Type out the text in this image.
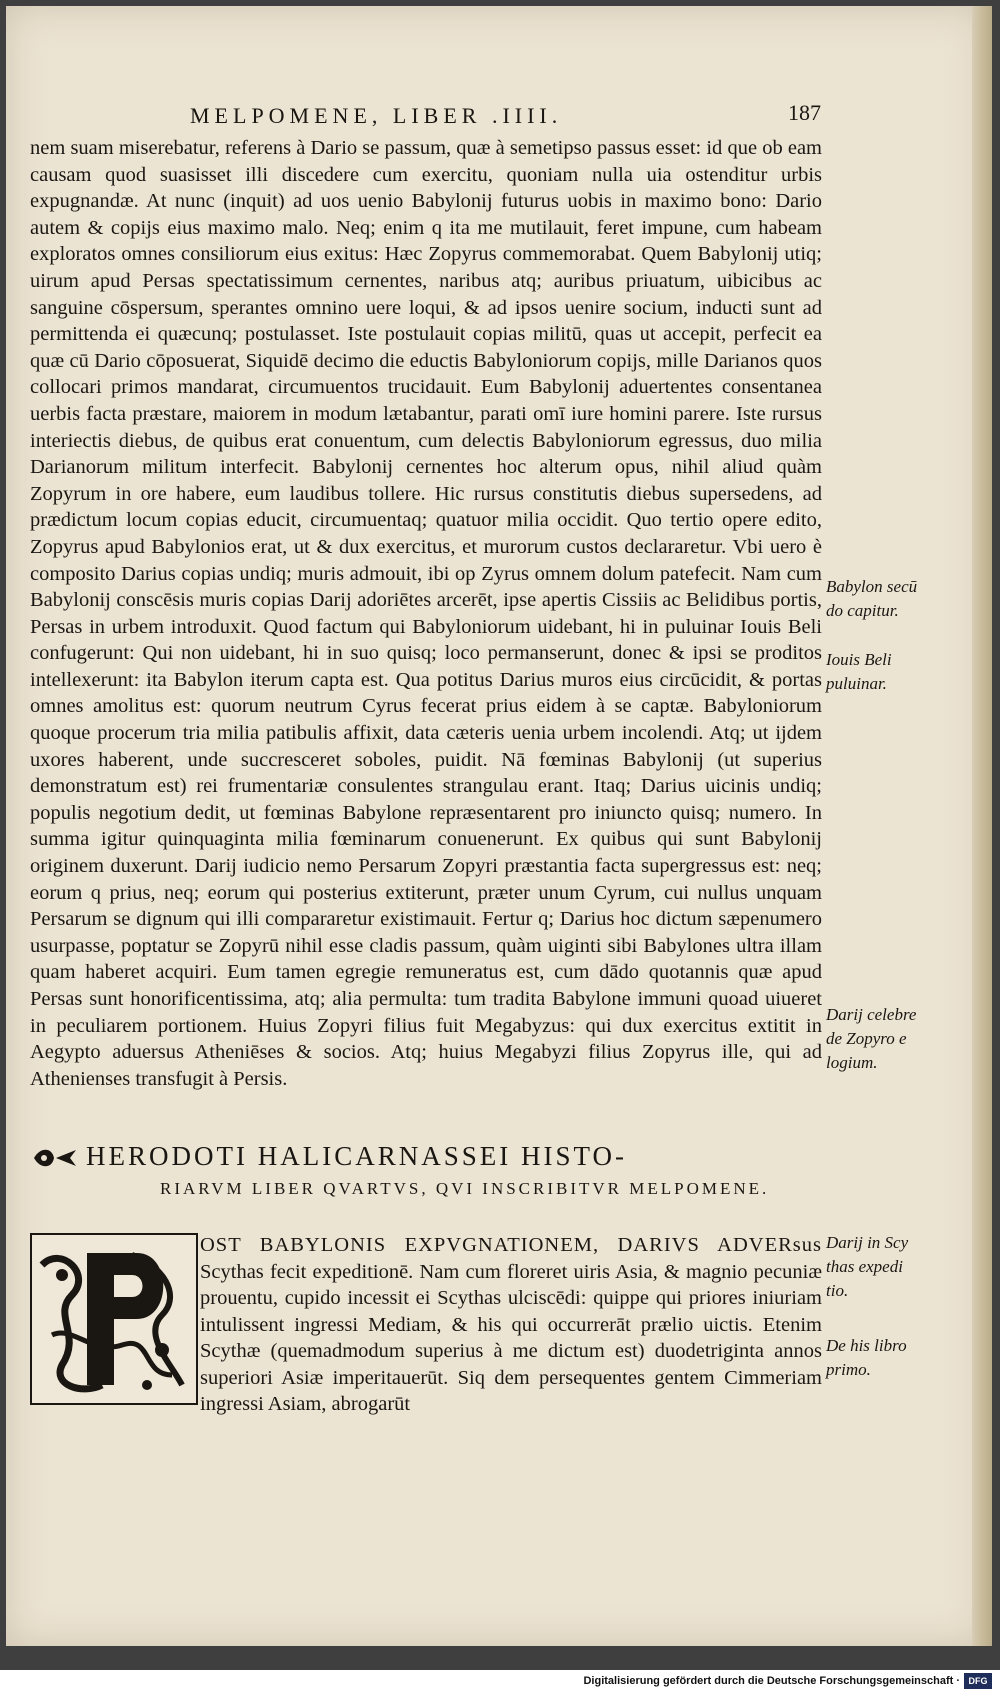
MELPOMENE, LIBER .IIII.	187

nem suam miserebatur, referens à Dario se passum, quæ à semetipso passus esset: id que ob eam causam quod suasisset illi discedere cum exercitu, quoniam nulla uia ostenditur urbis expugnandæ. At nunc (inquit) ad uos uenio Babylonij futurus uobis in maximo bono: Dario autem & copijs eius maximo malo. Neq; enim q ita me mutilauit, feret impune, cum habeam exploratos omnes consiliorum eius exitus: Hæc Zopyrus commemorabat. Quem Babylonij utiq; uirum apud Persas spectatissimum cernentes, naribus atq; auribus priuatum, uibicibus ac sanguine cōspersum, sperantes omnino uere loqui, & ad ipsos uenire socium, inducti sunt ad permittenda ei quæcunq; postulasset. Iste postulauit copias militū, quas ut accepit, perfecit ea quæ cū Dario cōposuerat, Siquidē decimo die eductis Babyloniorum copijs, mille Darianos quos collocari primos mandarat, circumuentos trucidauit. Eum Babylonij aduertentes consentanea uerbis facta præstare, maiorem in modum lætabantur, parati omī iure homini parere. Iste rursus interiectis diebus, de quibus erat conuentum, cum delectis Babyloniorum egressus, duo milia Darianorum militum interfecit. Babylonij cernentes hoc alterum opus, nihil aliud quàm Zopyrum in ore habere, eum laudibus tollere. Hic rursus constitutis diebus supersedens, ad prædictum locum copias educit, circumuentaq; quatuor milia occidit. Quo tertio opere edito, Zopyrus apud Babylonios erat, ut & dux exercitus, et murorum custos declararetur. Vbi uero è composito Darius copias undiq; muris admouit, ibi op Zyrus omnem dolum patefecit. Nam cum Babylonij conscēsis muris copias Darij adoriētes arcerēt, ipse apertis Cissiis ac Belidibus portis, Persas in urbem introduxit. Quod factum qui Babyloniorum uidebant, hi in puluinar Iouis Beli confugerunt: Qui non uidebant, hi in suo quisq; loco permanserunt, donec & ipsi se proditos intellexerunt: ita Babylon iterum capta est. Qua potitus Darius muros eius circūcidit, & portas omnes amolitus est: quorum neutrum Cyrus fecerat prius eidem à se captæ. Babyloniorum quoque procerum tria milia patibulis affixit, data cæteris uenia urbem incolendi. Atq; ut ijdem uxores haberent, unde succresceret soboles, puidit. Nā fœminas Babylonij (ut superius demonstratum est) rei frumentariæ consulentes strangulau erant. Itaq; Darius uicinis undiq; populis negotium dedit, ut fœminas Babylone repræsentarent pro iniuncto quisq; numero. In summa igitur quinquaginta milia fœminarum conuenerunt. Ex quibus qui sunt Babylonij originem duxerunt. Darij iudicio nemo Persarum Zopyri præstantia facta supergressus est: neq; eorum q prius, neq; eorum qui posterius extiterunt, præter unum Cyrum, cui nullus unquam Persarum se dignum qui illi compararetur existimauit. Fertur q; Darius hoc dictum sæpenumero usurpasse, poptatur se Zopyrū nihil esse cladis passum, quàm uiginti sibi Babylones ultra illam quam haberet acquiri. Eum tamen egregie remuneratus est, cum dādo quotannis quæ apud Persas sunt honorificentissima, atq; alia permulta: tum tradita Babylone immuni quoad uiueret in peculiarem portionem. Huius Zopyri filius fuit Megabyzus: qui dux exercitus extitit in Aegypto aduersus Atheniēses & socios. Atq; huius Megabyzi filius Zopyrus ille, qui ad Athenienses transfugit à Persis.

Babylon secū
do capitur.
Iouis Beli
puluinar.
Darij celebre
de Zopyro e
logium.
Darij in Scy
thas expedi
tio.
De his libro
primo.
HERODOTI HALICARNASSEI HISTO-
RIARVM LIBER QVARTVS, QVI INSCRIBITVR MELPOMENE.
OST BABYLONIS EXPVGNATIONEM, DARIVS ADVERsus Scythas fecit expeditionē. Nam cum floreret uiris Asia, & magnio pecuniæ prouentu, cupido incessit ei Scythas ulciscēdi: quippe qui priores iniuriam intulissent ingressi Mediam, & his qui occurrerāt prælio uictis. Etenim Scythæ (quemadmodum superius à me dictum est) duodetriginta annos superiori Asiæ imperitauerūt. Siq dem persequentes gentem Cimmeriam ingressi Asiam, abrogarūt
Digitalisierung gefördert durch die Deutsche Forschungsgemeinschaft · DFG
